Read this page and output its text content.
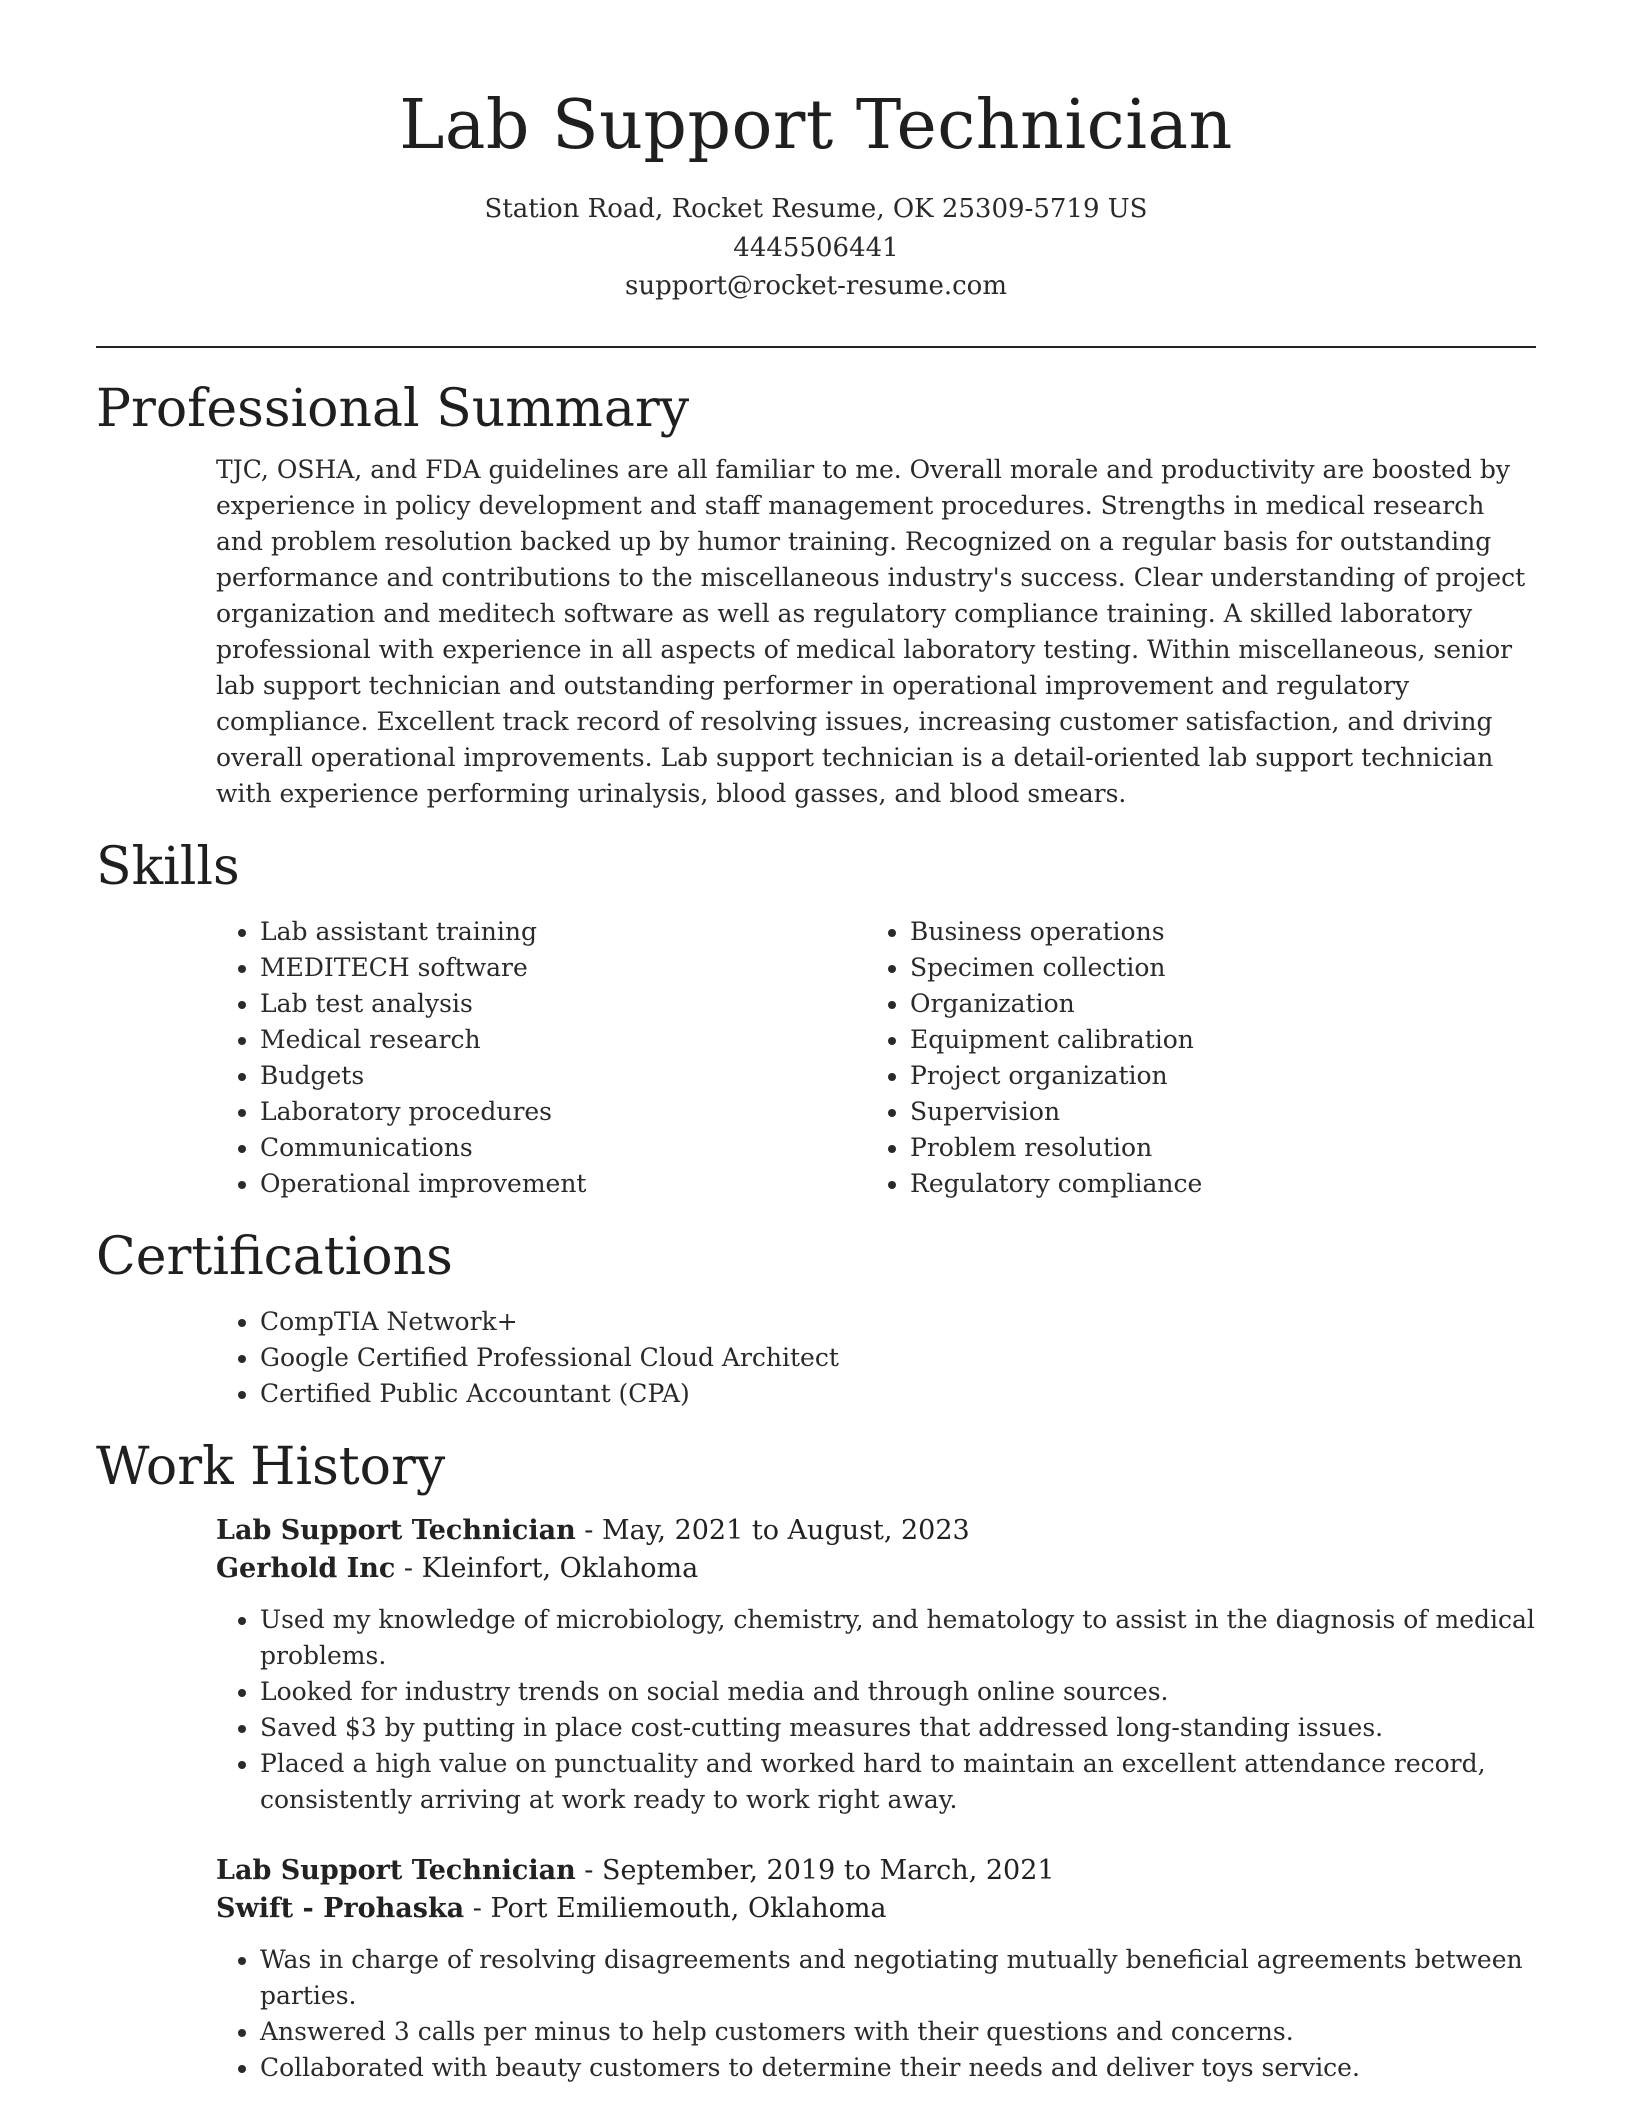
Lab Support Technician
Station Road, Rocket Resume, OK 25309-5719 US
4445506441
support@rocket-resume.com
Professional Summary

TJC, OSHA, and FDA guidelines are all familiar to me. Overall morale and productivity are boosted by experience in policy development and staff management procedures. Strengths in medical research and problem resolution backed up by humor training. Recognized on a regular basis for outstanding performance and contributions to the miscellaneous industry's success. Clear understanding of project organization and meditech software as well as regulatory compliance training. A skilled laboratory professional with experience in all aspects of medical laboratory testing. Within miscellaneous, senior lab support technician and outstanding performer in operational improvement and regulatory compliance. Excellent track record of resolving issues, increasing customer satisfaction, and driving overall operational improvements. Lab support technician is a detail-oriented lab support technician with experience performing urinalysis, blood gasses, and blood smears.

Skills
• Lab assistant training
• MEDITECH software
• Lab test analysis
• Medical research
• Budgets
• Laboratory procedures
• Communications
• Operational improvement
• Business operations
• Specimen collection
• Organization
• Equipment calibration
• Project organization
• Supervision
• Problem resolution
• Regulatory compliance
Certifications
• CompTIA Network+
• Google Certified Professional Cloud Architect
• Certified Public Accountant (CPA)
Work History
Lab Support Technician - May, 2021 to August, 2023
Gerhold Inc - Kleinfort, Oklahoma
• Used my knowledge of microbiology, chemistry, and hematology to assist in the diagnosis of medical problems.
• Looked for industry trends on social media and through online sources.
• Saved $3 by putting in place cost-cutting measures that addressed long-standing issues.
• Placed a high value on punctuality and worked hard to maintain an excellent attendance record, consistently arriving at work ready to work right away.
Lab Support Technician - September, 2019 to March, 2021
Swift - Prohaska - Port Emiliemouth, Oklahoma
• Was in charge of resolving disagreements and negotiating mutually beneficial agreements between parties.
• Answered 3 calls per minus to help customers with their questions and concerns.
• Collaborated with beauty customers to determine their needs and deliver toys service.
